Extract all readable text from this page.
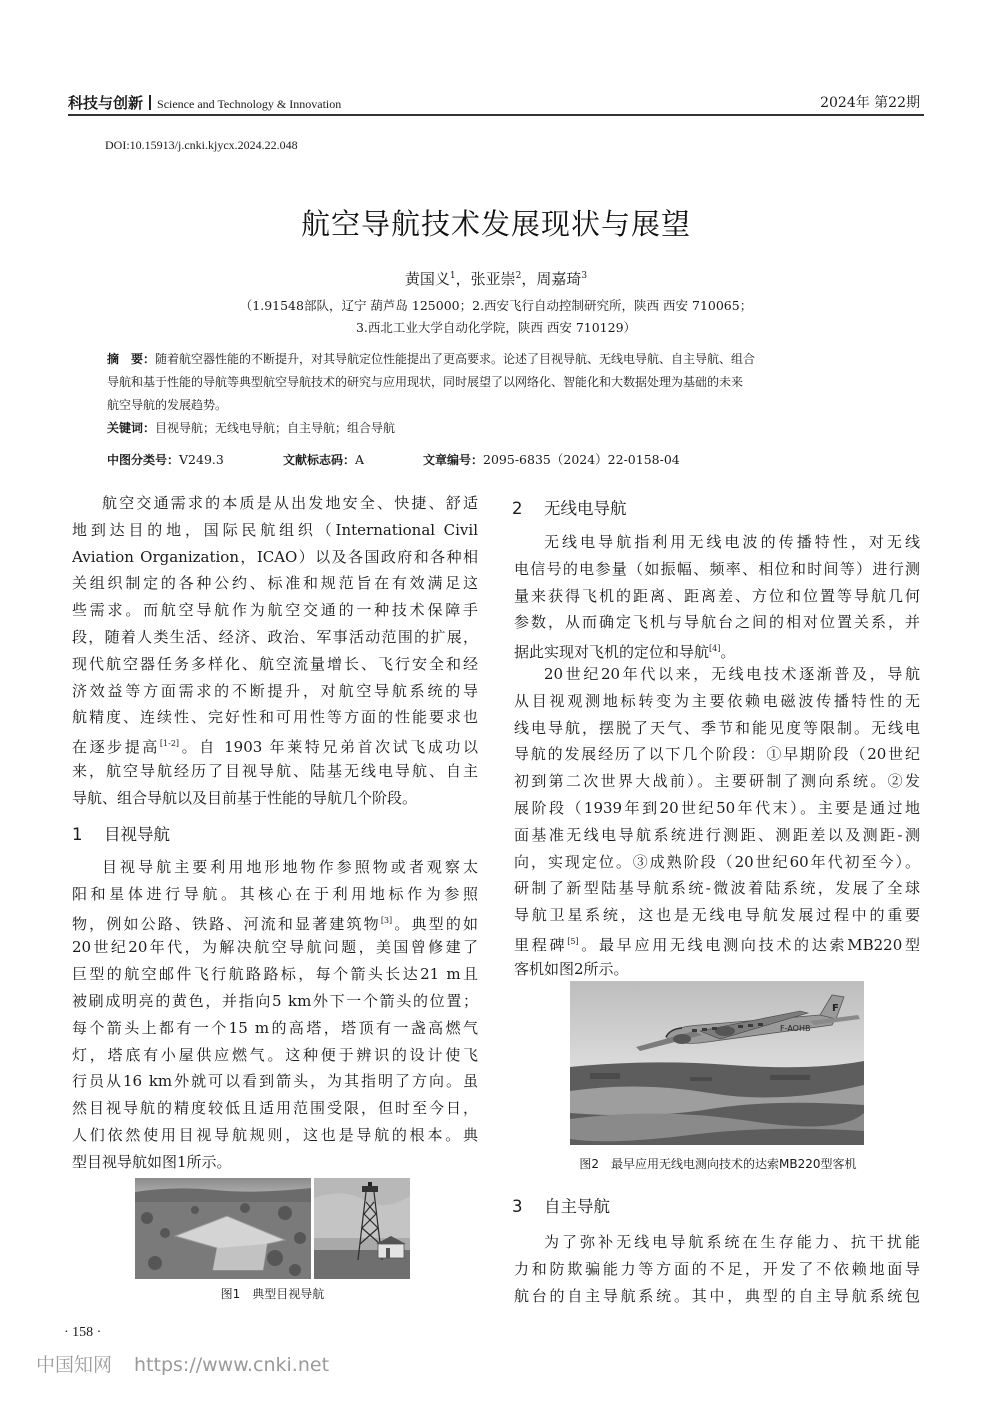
科技与创新 Science and Technology & Innovation	2024年 第22期
DOI:10.15913/j.cnki.kjycx.2024.22.048
航空导航技术发展现状与展望
黄国义$^1$，张亚崇$^2$，周嘉琦$^3$
（1.91548部队，辽宁 葫芦岛 125000；2.西安飞行自动控制研究所，陕西 西安 710065；
3.西北工业大学自动化学院，陕西 西安 710129）
摘　要：随着航空器性能的不断提升，对其导航定位性能提出了更高要求。论述了目视导航、无线电导航、自主导航、组合
导航和基于性能的导航等典型航空导航技术的研究与应用现状，同时展望了以网络化、智能化和大数据处理为基础的未来
航空导航的发展趋势。
关键词：目视导航；无线电导航；自主导航；组合导航
中图分类号：V249.3	文献标志码：A	文章编号：2095-6835（2024）22-0158-04
航空交通需求的本质是从出发地安全、快捷、舒适
地到达目的地，国际民航组织（International Civil
Aviation Organization，ICAO）以及各国政府和各种相
关组织制定的各种公约、标准和规范旨在有效满足这
些需求。而航空导航作为航空交通的一种技术保障手
段，随着人类生活、经济、政治、军事活动范围的扩展，
现代航空器任务多样化、航空流量增长、飞行安全和经
济效益等方面需求的不断提升，对航空导航系统的导
航精度、连续性、完好性和可用性等方面的性能要求也
在逐步提高[1-2]。自 1903 年莱特兄弟首次试飞成功以
来，航空导航经历了目视导航、陆基无线电导航、自主
导航、组合导航以及目前基于性能的导航几个阶段。
1 目视导航
目视导航主要利用地形地物作参照物或者观察太
阳和星体进行导航。其核心在于利用地标作为参照
物，例如公路、铁路、河流和显著建筑物[3]。典型的如
20世纪20年代，为解决航空导航问题，美国曾修建了
巨型的航空邮件飞行航路路标，每个箭头长达21 m且
被刷成明亮的黄色，并指向5 km外下一个箭头的位置；
每个箭头上都有一个15 m的高塔，塔顶有一盏高燃气
灯，塔底有小屋供应燃气。这种便于辨识的设计使飞
行员从16 km外就可以看到箭头，为其指明了方向。虽
然目视导航的精度较低且适用范围受限，但时至今日，
人们依然使用目视导航规则，这也是导航的根本。典
型目视导航如图1所示。
图1　典型目视导航
2 无线电导航
无线电导航指利用无线电波的传播特性，对无线
电信号的电参量（如振幅、频率、相位和时间等）进行测
量来获得飞机的距离、距离差、方位和位置等导航几何
参数，从而确定飞机与导航台之间的相对位置关系，并
据此实现对飞机的定位和导航[4]。
20世纪20年代以来，无线电技术逐渐普及，导航
从目视观测地标转变为主要依赖电磁波传播特性的无
线电导航，摆脱了天气、季节和能见度等限制。无线电
导航的发展经历了以下几个阶段：①早期阶段（20世纪
初到第二次世界大战前）。主要研制了测向系统。②发
展阶段（1939年到20世纪50年代末）。主要是通过地
面基准无线电导航系统进行测距、测距差以及测距-测
向，实现定位。③成熟阶段（20世纪60年代初至今）。
研制了新型陆基导航系统-微波着陆系统，发展了全球
导航卫星系统，这也是无线电导航发展过程中的重要
里程碑[5]。最早应用无线电测向技术的达索MB220型
客机如图2所示。
F-AOHB
F
图2　最早应用无线电测向技术的达索MB220型客机
3 自主导航
为了弥补无线电导航系统在生存能力、抗干扰能
力和防欺骗能力等方面的不足，开发了不依赖地面导
航台的自主导航系统。其中，典型的自主导航系统包
· 158 ·
中国知网 https://www.cnki.net
